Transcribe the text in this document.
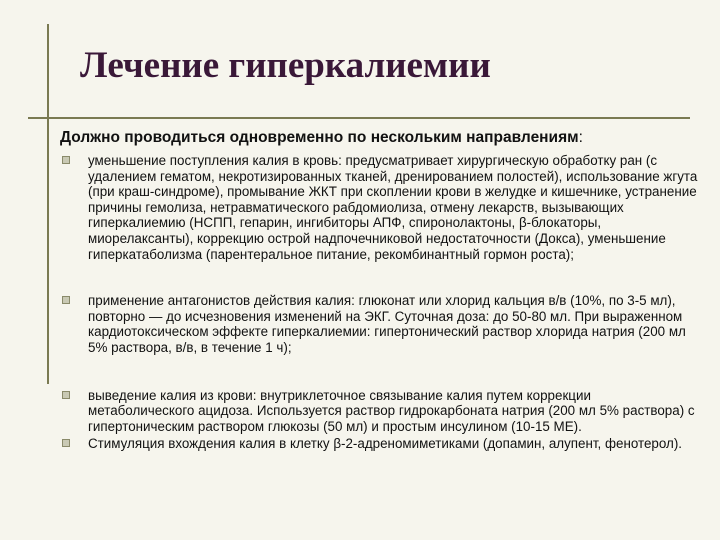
Лечение гиперкалиемии

Должно проводиться одновременно по нескольким направлениям:

уменьшение поступления калия в кровь: предусматривает хирургическую обработку ран (с удалением гематом, некротизированных тканей, дренированием полостей), использование жгута (при краш-синдроме), промывание ЖКТ при скоплении крови в желудке и кишечнике, устранение причины гемолиза, нетравматического рабдомиолиза, отмену лекарств, вызывающих гиперкалиемию (НСПП, гепарин, ингибиторы АПФ, спиронолактоны, β-блокаторы, миорелаксанты), коррекцию острой надпочечниковой недостаточности (Докса), уменьшение гиперкатаболизма (парентеральное питание, рекомбинантный гормон роста);
применение антагонистов действия калия: глюконат или хлорид кальция в/в (10%, по 3-5 мл), повторно — до исчезновения изменений на ЭКГ. Суточная доза: до 50-80 мл. При выраженном кардиотоксическом эффекте гиперкалиемии: гипертонический раствор хлорида натрия (200 мл 5% раствора, в/в, в течение 1 ч);
выведение калия из крови: внутриклеточное связывание калия путем коррекции метаболического ацидоза. Используется раствор гидрокарбоната натрия (200 мл 5% раствора) с гипертоническим раствором глюкозы (50 мл) и простым инсулином (10-15 МЕ).
Стимуляция вхождения калия в клетку β-2-адреномиметиками (допамин, алупент, фенотерол).
